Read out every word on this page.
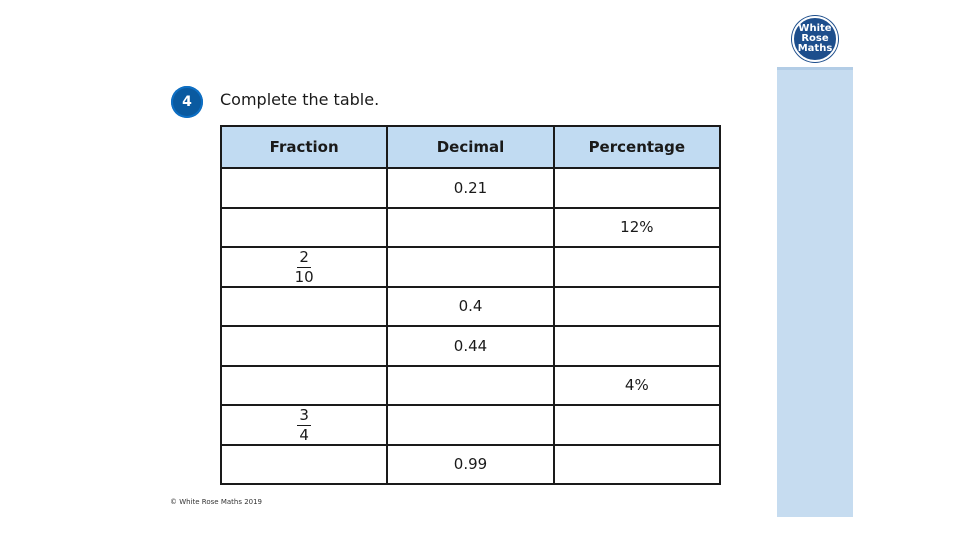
White
Rose
Maths
4	Complete the table.
Fraction	Decimal	Percentage
	0.21	
		12%

$\frac{2}{10}$

	0.4	
	0.44	
		4%

$\frac{3}{4}$

	0.99	
© White Rose Maths 2019
